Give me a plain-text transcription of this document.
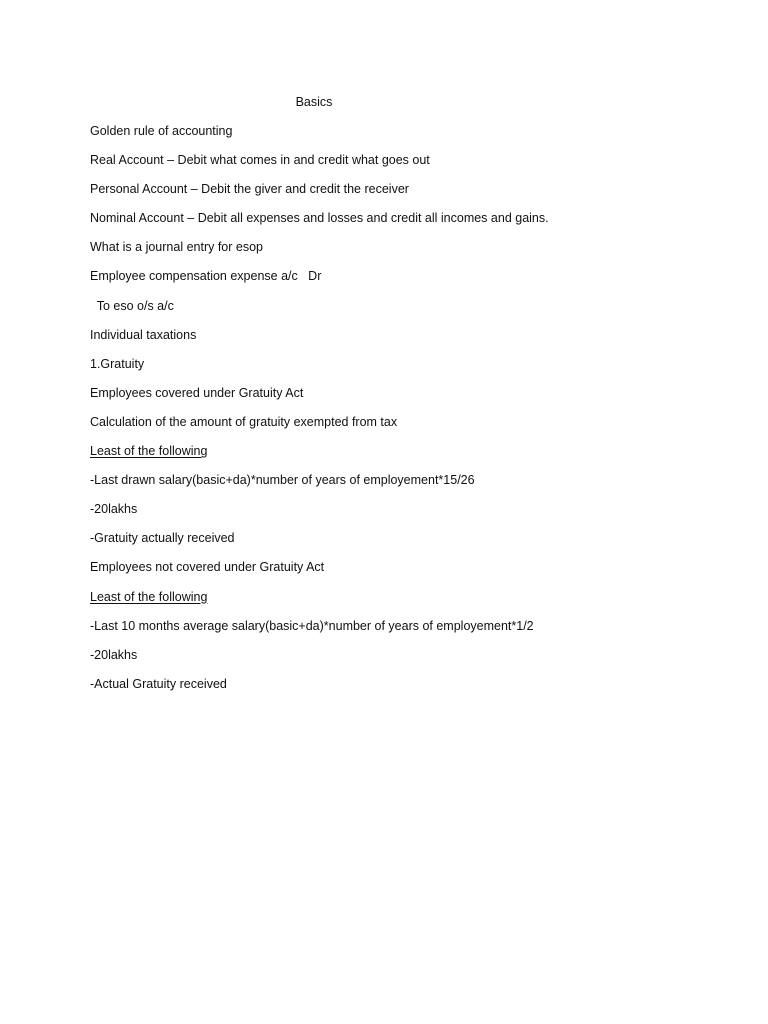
Basics
Golden rule of accounting
Real Account – Debit what comes in and credit what goes out
Personal Account – Debit the giver and credit the receiver
Nominal Account – Debit all expenses and losses and credit all incomes and gains.
What is a journal entry for esop
Employee compensation expense a/c   Dr
To eso o/s a/c
Individual taxations
1.Gratuity
Employees covered under Gratuity Act
Calculation of the amount of gratuity exempted from tax
Least of the following
-Last drawn salary(basic+da)*number of years of employement*15/26
-20lakhs
-Gratuity actually received
Employees not covered under Gratuity Act
Least of the following
-Last 10 months average salary(basic+da)*number of years of employement*1/2
-20lakhs
-Actual Gratuity received
